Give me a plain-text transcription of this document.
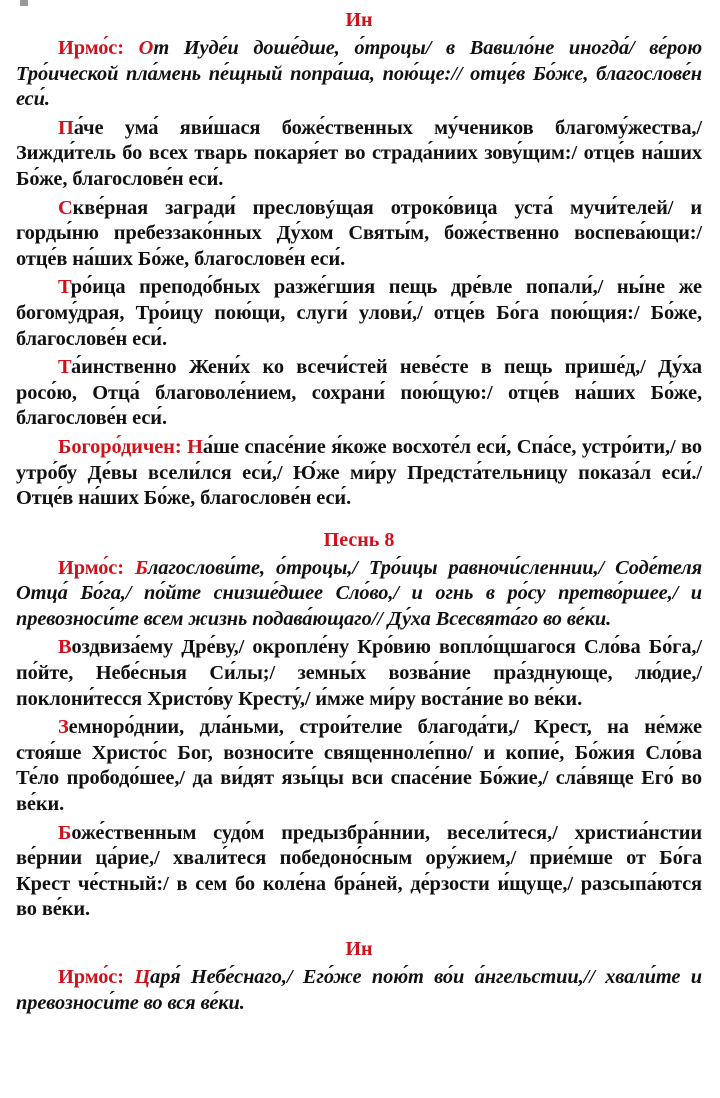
Ин

Ирмо́с: От Иуде́и доше́дше, о́троцы/ в Вавило́не иногда́/ ве́рою Тро́ической пла́мень пе́щный попра́ша, пою́ще:// отце́в Бо́же, благослове́н еси́.

Па́че ума́ яви́шася боже́ственных му́чеников благому́жества,/ Зижди́тель бо всех тварь покаря́ет во страда́ниих зову́щим:/ отце́в на́ших Бо́же, благослове́н еси́.

Скве́рная загради́ пресловýщая отроко́вица уста́ мучи́телей/ и горды́ню пребеззако́нных Ду́хом Святы́м, боже́ственно воспева́ющи:/ отце́в на́ших Бо́же, благослове́н еси́.

Тро́ица преподо́бных разже́гшия пещь дре́вле попали́,/ ны́не же богому́драя, Тро́ицу пою́щи, слуги́ улови́,/ отце́в Бо́га пою́щия:/ Бо́же, благослове́н еси́.

Та́инственно Жени́х ко всечи́стей неве́сте в пещь прише́д,/ Ду́ха росо́ю, Отца́ благоволе́нием, сохрани́ пою́щую:/ отце́в на́ших Бо́же, благослове́н еси́.

Богоро́дичен: На́ше спасе́ние я́коже восхоте́л еси́, Спа́се, устро́ити,/ во утро́бу Де́вы всели́лся еси́,/ Ю́же ми́ру Предста́тельницу показа́л еси́./ Отце́в на́ших Бо́же, благослове́н еси́.

Песнь 8

Ирмо́с: Благослови́те, о́троцы,/ Тро́ицы равночи́сленнии,/ Соде́теля Отца́ Бо́га,/ по́йте снизше́дшее Сло́во,/ и огнь в ро́су претво́ршее,/ и превозноси́те всем жизнь подава́ющаго// Ду́ха Всесвята́го во ве́ки.

Воздвиза́ему Дре́ву,/ окропле́ну Кро́вию вопло́щшагося Сло́ва Бо́га,/ по́йте, Небе́сныя Си́лы;/ земны́х возва́ние пра́зднующе, лю́дие,/ поклони́тесся Христо́ву Кресту́,/ и́мже ми́ру воста́ние во ве́ки.

Земноро́днии, дла́ньми, строи́телие благода́ти,/ Крест, на не́мже стоя́ше Христо́с Бог, возноси́те священноле́пно/ и копие́, Бо́жия Сло́ва Те́ло прободо́шее,/ да ви́дят язы́цы вси спасе́ние Бо́жие,/ сла́вяще Его́ во ве́ки.

Боже́ственным судо́м предызбра́ннии, весели́теся,/ христиа́нстии ве́рнии ца́рие,/ хвали́теся победоно́сным ору́жием,/ прие́мше от Бо́га Крест че́стный:/ в сем бо коле́на бра́ней, де́рзости и́щуще,/ разсыпа́ются во ве́ки.

Ин

Ирмо́с: Царя́ Небе́снаго,/ Его́же пою́т во́и а́нгельстии,// хвали́те и превозноси́те во вся ве́ки.
